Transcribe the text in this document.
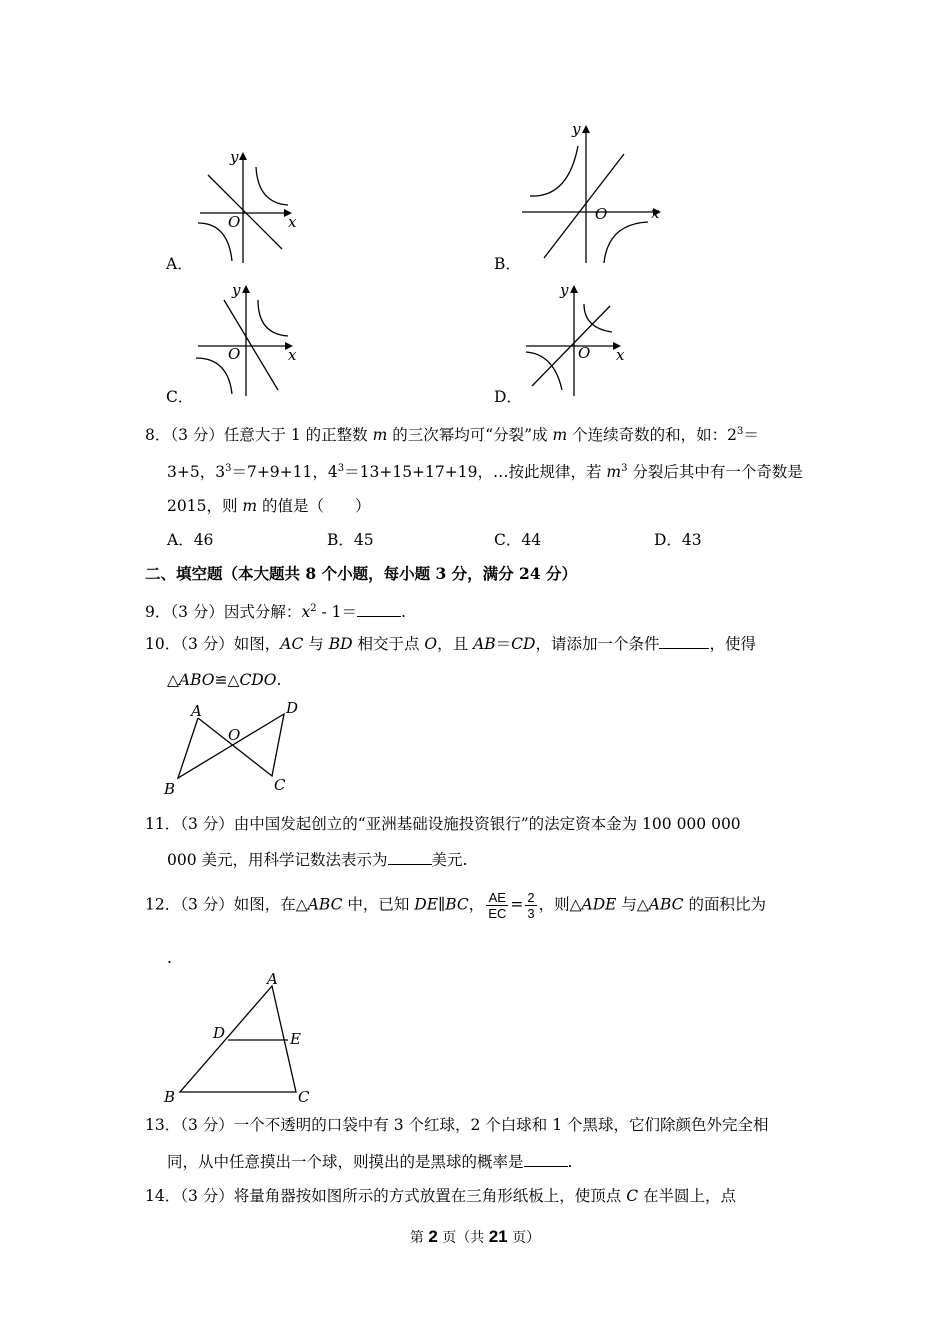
y
x
O
A．
y
x
O
B．
y
x
O
C．
y
x
O
D．
8．（3 分）任意大于 1 的正整数 m 的三次幂均可“分裂”成 m 个连续奇数的和，如：$2^3=$
3+5，$3^3=7+9+11$，$4^3=13+15+17+19$，…按此规律，若 $m^3$ 分裂后其中有一个奇数是
2015，则 m 的值是（　　）
A．46	B．45	C．44	D．43
二、填空题（本大题共 8 个小题，每小题 3 分，满分 24 分）
9．（3 分）因式分解：$x^2 - 1=$	.
10．（3 分）如图，AC 与 BD 相交于点 O，且 AB＝CD，请添加一个条件	，使得
△ABO≌△CDO.
A
B	C
D
O
11．（3 分）由中国发起创立的“亚洲基础设施投资银行”的法定资本金为 100 000 000
000 美元，用科学记数法表示为	美元.
12．（3 分）如图，在△ABC 中，已知 DE∥BC， $\frac{AE}{EC} = \frac{2}{3}$ ，则△ADE 与△ABC 的面积比为
.
A
B	C
D	E
13．（3 分）一个不透明的口袋中有 3 个红球，2 个白球和 1 个黑球，它们除颜色外完全相
同，从中任意摸出一个球，则摸出的是黑球的概率是	.
14．（3 分）将量角器按如图所示的方式放置在三角形纸板上，使顶点 C 在半圆上，点
第 2 页（共 21 页）
